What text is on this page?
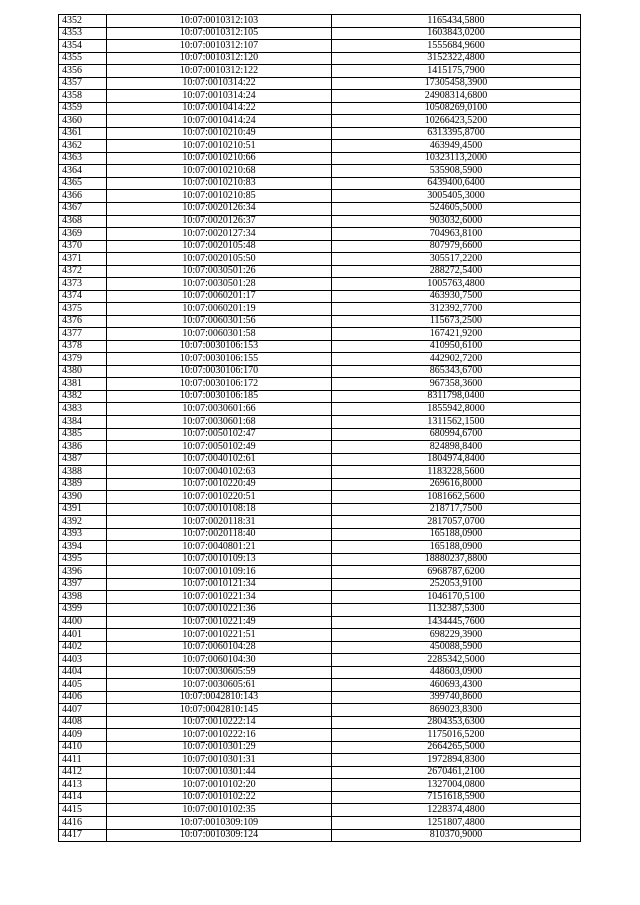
4352	10:07:0010312:103	1165434,5800
4353	10:07:0010312:105	1603843,0200
4354	10:07:0010312:107	1555684,9600
4355	10:07:0010312:120	3152322,4800
4356	10:07:0010312:122	1415175,7900
4357	10:07:0010314:22	17305458,3900
4358	10:07:0010314:24	24908314,6800
4359	10:07:0010414:22	10508269,0100
4360	10:07:0010414:24	10266423,5200
4361	10:07:0010210:49	6313395,8700
4362	10:07:0010210:51	463949,4500
4363	10:07:0010210:66	10323113,2000
4364	10:07:0010210:68	535908,5900
4365	10:07:0010210:83	6439400,6400
4366	10:07:0010210:85	3005405,3000
4367	10:07:0020126:34	524605,5000
4368	10:07:0020126:37	903032,6000
4369	10:07:0020127:34	704963,8100
4370	10:07:0020105:48	807979,6600
4371	10:07:0020105:50	305517,2200
4372	10:07:0030501:26	288272,5400
4373	10:07:0030501:28	1005763,4800
4374	10:07:0060201:17	463930,7500
4375	10:07:0060201:19	312392,7700
4376	10:07:0060301:56	115673,2500
4377	10:07:0060301:58	167421,9200
4378	10:07:0030106:153	410950,6100
4379	10:07:0030106:155	442902,7200
4380	10:07:0030106:170	865343,6700
4381	10:07:0030106:172	967358,3600
4382	10:07:0030106:185	8311798,0400
4383	10:07:0030601:66	1855942,8000
4384	10:07:0030601:68	1311562,1500
4385	10:07:0050102:47	680994,6700
4386	10:07:0050102:49	824898,8400
4387	10:07:0040102:61	1804974,8400
4388	10:07:0040102:63	1183228,5600
4389	10:07:0010220:49	269616,8000
4390	10:07:0010220:51	1081662,5600
4391	10:07:0010108:18	218717,7500
4392	10:07:0020118:31	2817057,0700
4393	10:07:0020118:40	165188,0900
4394	10:07:0040801:21	165188,0900
4395	10:07:0010109:13	18880237,8800
4396	10:07:0010109:16	6968787,6200
4397	10:07:0010121:34	252053,9100
4398	10:07:0010221:34	1046170,5100
4399	10:07:0010221:36	1132387,5300
4400	10:07:0010221:49	1434445,7600
4401	10:07:0010221:51	698229,3900
4402	10:07:0060104:28	450088,5900
4403	10:07:0060104:30	2285342,5000
4404	10:07:0030605:59	448603,0900
4405	10:07:0030605:61	460693,4300
4406	10:07:0042810:143	399740,8600
4407	10:07:0042810:145	869023,8300
4408	10:07:0010222:14	2804353,6300
4409	10:07:0010222:16	1175016,5200
4410	10:07:0010301:29	2664265,5000
4411	10:07:0010301:31	1972894,8300
4412	10:07:0010301:44	2670461,2100
4413	10:07:0010102:20	1327004,0800
4414	10:07:0010102:22	7151618,5900
4415	10:07:0010102:35	1228374,4800
4416	10:07:0010309:109	1251807,4800
4417	10:07:0010309:124	810370,9000
